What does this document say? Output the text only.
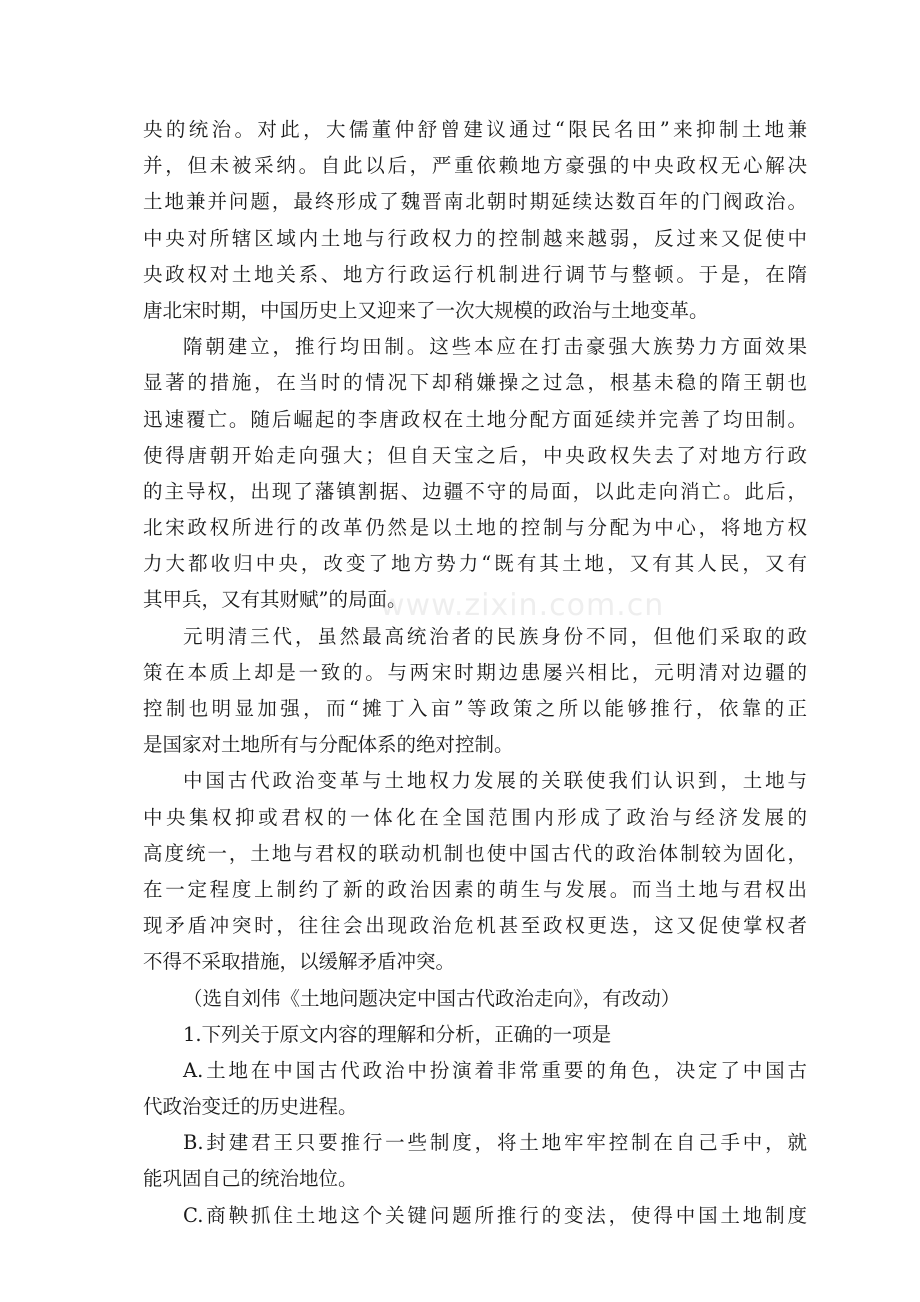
央的统治。对此，大儒董仲舒曾建议通过“限民名田”来抑制土地兼
并，但未被采纳。自此以后，严重依赖地方豪强的中央政权无心解决
土地兼并问题，最终形成了魏晋南北朝时期延续达数百年的门阀政治。
中央对所辖区域内土地与行政权力的控制越来越弱，反过来又促使中
央政权对土地关系、地方行政运行机制进行调节与整顿。于是，在隋
唐北宋时期，中国历史上又迎来了一次大规模的政治与土地变革。
隋朝建立，推行均田制。这些本应在打击豪强大族势力方面效果
显著的措施，在当时的情况下却稍嫌操之过急，根基未稳的隋王朝也
迅速覆亡。随后崛起的李唐政权在土地分配方面延续并完善了均田制。
使得唐朝开始走向强大；但自天宝之后，中央政权失去了对地方行政
的主导权，出现了藩镇割据、边疆不守的局面，以此走向消亡。此后，
北宋政权所进行的改革仍然是以土地的控制与分配为中心，将地方权
力大都收归中央，改变了地方势力“既有其土地，又有其人民，又有
其甲兵，又有其财赋”的局面。
元明清三代，虽然最高统治者的民族身份不同，但他们采取的政
策在本质上却是一致的。与两宋时期边患屡兴相比，元明清对边疆的
控制也明显加强，而“摊丁入亩”等政策之所以能够推行，依靠的正
是国家对土地所有与分配体系的绝对控制。
中国古代政治变革与土地权力发展的关联使我们认识到，土地与
中央集权抑或君权的一体化在全国范围内形成了政治与经济发展的
高度统一，土地与君权的联动机制也使中国古代的政治体制较为固化，
在一定程度上制约了新的政治因素的萌生与发展。而当土地与君权出
现矛盾冲突时，往往会出现政治危机甚至政权更迭，这又促使掌权者
不得不采取措施，以缓解矛盾冲突。
（选自刘伟《土地问题决定中国古代政治走向》，有改动）
1.下列关于原文内容的理解和分析，正确的一项是
A.土地在中国古代政治中扮演着非常重要的角色，决定了中国古
代政治变迁的历史进程。
B.封建君王只要推行一些制度，将土地牢牢控制在自己手中，就
能巩固自己的统治地位。
C.商鞅抓住土地这个关键问题所推行的变法，使得中国土地制度
www.zixin.com.cn
